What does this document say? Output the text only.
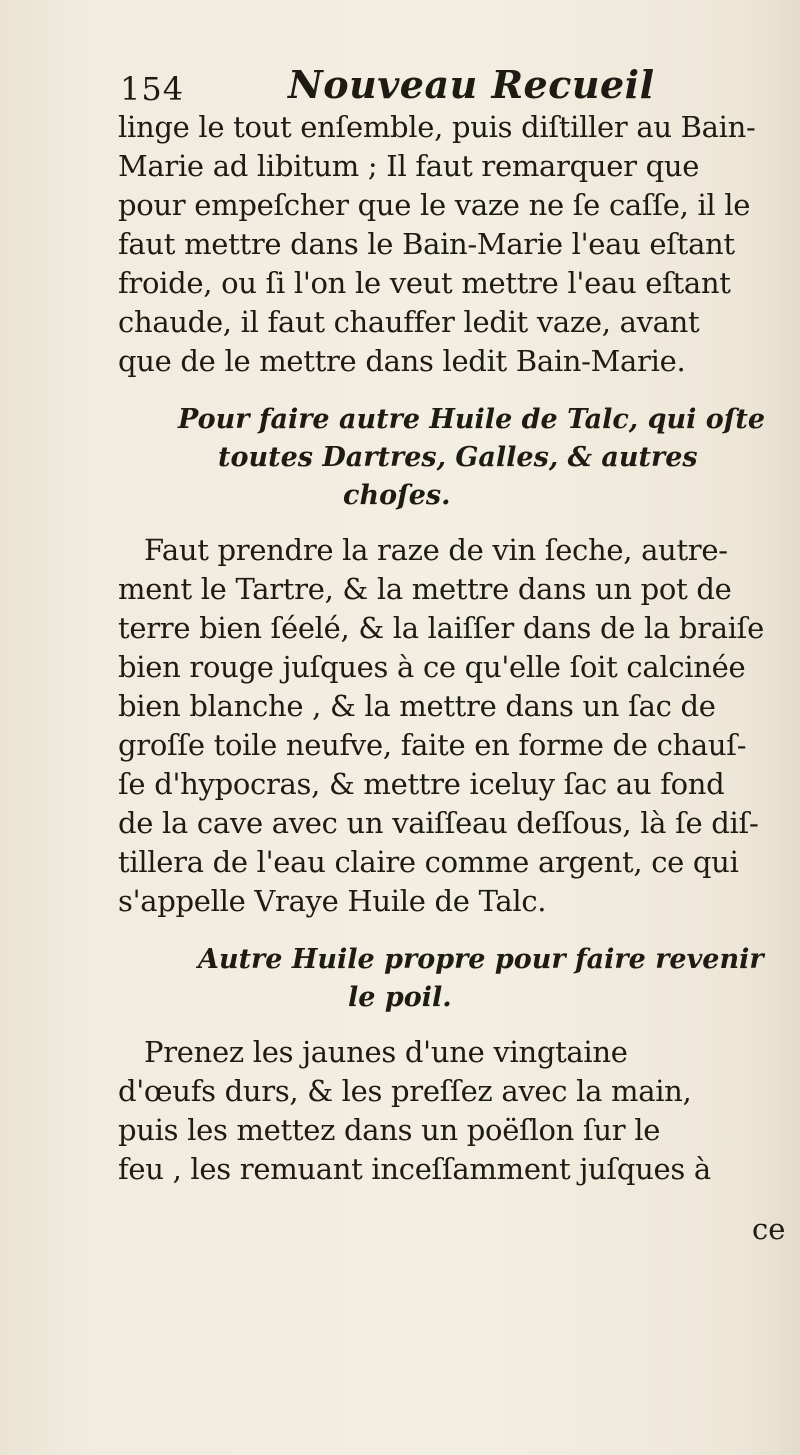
154	Nouveau Recueil
linge le tout enſemble, puis diſtiller au Bain-
Marie ad libitum ; Il faut remarquer que
pour empeſcher que le vaze ne ſe caſſe, il le
faut mettre dans le Bain-Marie l'eau eſtant
froide, ou ſi l'on le veut mettre l'eau eſtant
chaude, il faut chauffer ledit vaze, avant
que de le mettre dans ledit Bain-Marie.
Pour faire autre Huile de Talc, qui oſte
toutes Dartres, Galles, & autres
choſes.
Faut prendre la raze de vin ſeche, autre-
ment le Tartre, & la mettre dans un pot de
terre bien ſéelé, & la laiſſer dans de la braiſe
bien rouge juſques à ce qu'elle ſoit calcinée
bien blanche , & la mettre dans un ſac de
groſſe toile neufve, faite en forme de chauſ-
ſe d'hypocras, & mettre iceluy ſac au fond
de la cave avec un vaiſſeau deſſous, là ſe diſ-
tillera de l'eau claire comme argent, ce qui
s'appelle Vraye Huile de Talc.
Autre Huile propre pour faire revenir
le poil.
Prenez les jaunes d'une vingtaine
d'œufs durs, & les preſſez avec la main,
puis les mettez dans un poëſlon ſur le
feu , les remuant inceſſamment juſques à
ce
